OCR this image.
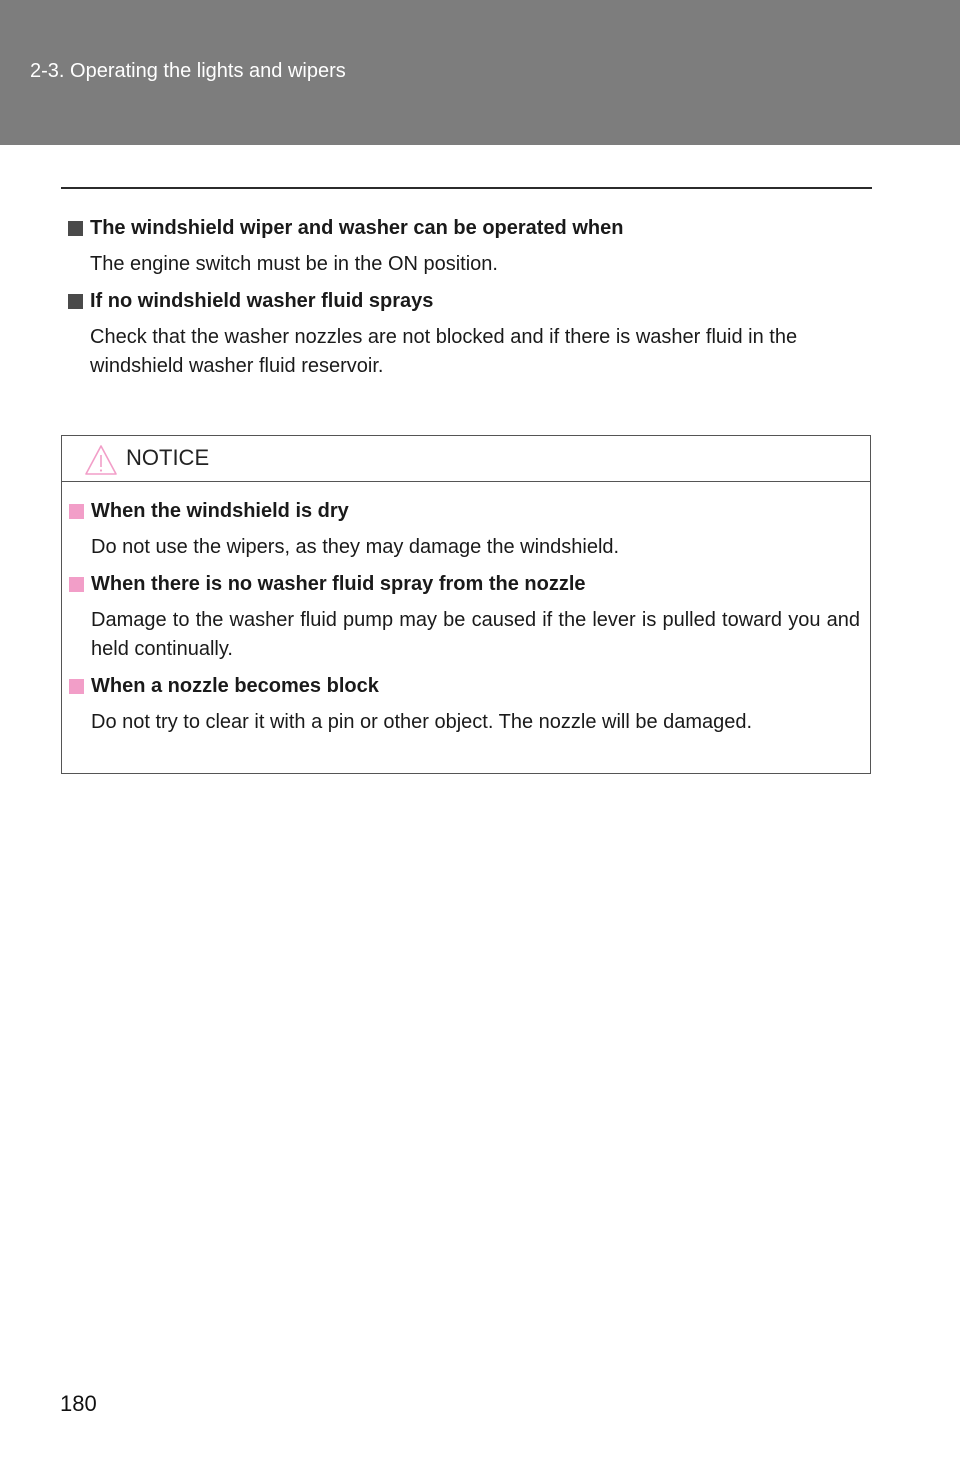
2-3. Operating the lights and wipers

The windshield wiper and washer can be operated when

The engine switch must be in the ON position.

If no windshield washer fluid sprays

Check that the washer nozzles are not blocked and if there is washer fluid in the windshield washer fluid reservoir.

NOTICE

When the windshield is dry

Do not use the wipers, as they may damage the windshield.

When there is no washer fluid spray from the nozzle

Damage to the washer fluid pump may be caused if the lever is pulled toward you and held continually.

When a nozzle becomes block

Do not try to clear it with a pin or other object. The nozzle will be damaged.

180
